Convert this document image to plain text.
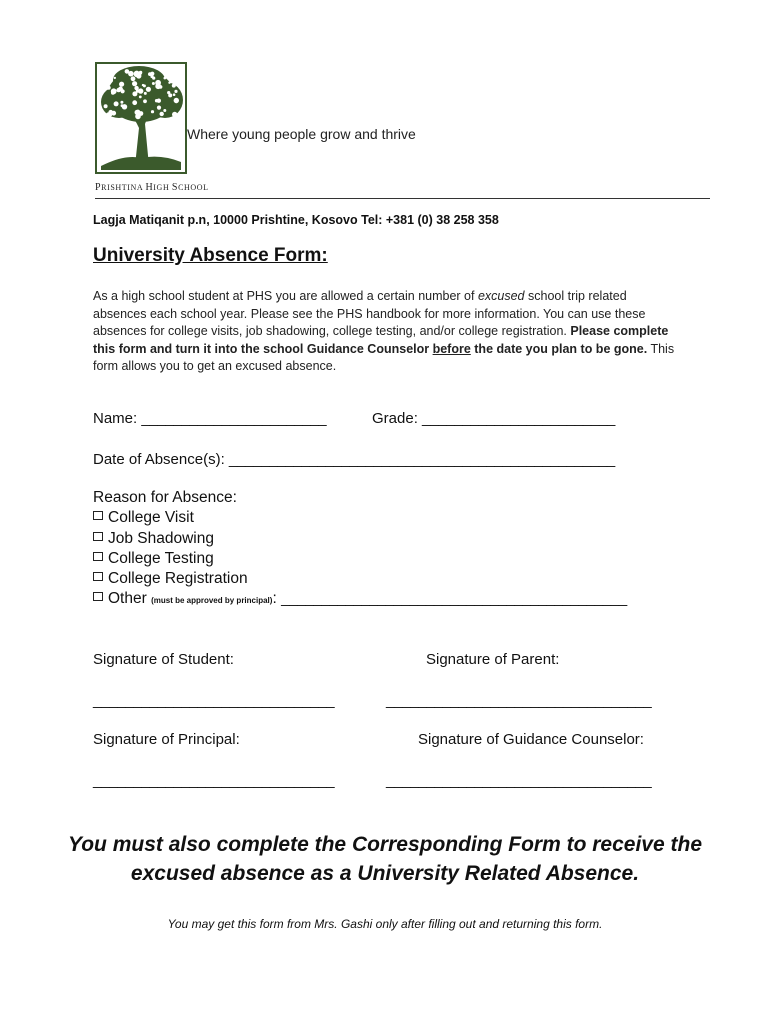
Where young people grow and thrive
PRISHTINA HIGH SCHOOL
Lagja Matiqanit p.n, 10000 Prishtine, Kosovo Tel: +381 (0) 38 258 358
University Absence Form:

As a high school student at PHS you are allowed a certain number of excused school trip related absences each school year. Please see the PHS handbook for more information. You can use these absences for college visits, job shadowing, college testing, and/or college registration. Please complete this form and turn it into the school Guidance Counselor before the date you plan to be gone. This form allows you to get an excused absence.

Name: _______________________	Grade: ________________________
Date of Absence(s): ________________________________________________
Reason for Absence:
College Visit
Job Shadowing
College Testing
College Registration
Other (must be approved by principal): ___________________________________________
Signature of Student:	Signature of Parent:
______________________________	_________________________________
Signature of Principal:	Signature of Guidance Counselor:
______________________________	_________________________________
You must also complete the Corresponding Form to receive the excused absence as a University Related Absence.
You may get this form from Mrs. Gashi only after filling out and returning this form.
